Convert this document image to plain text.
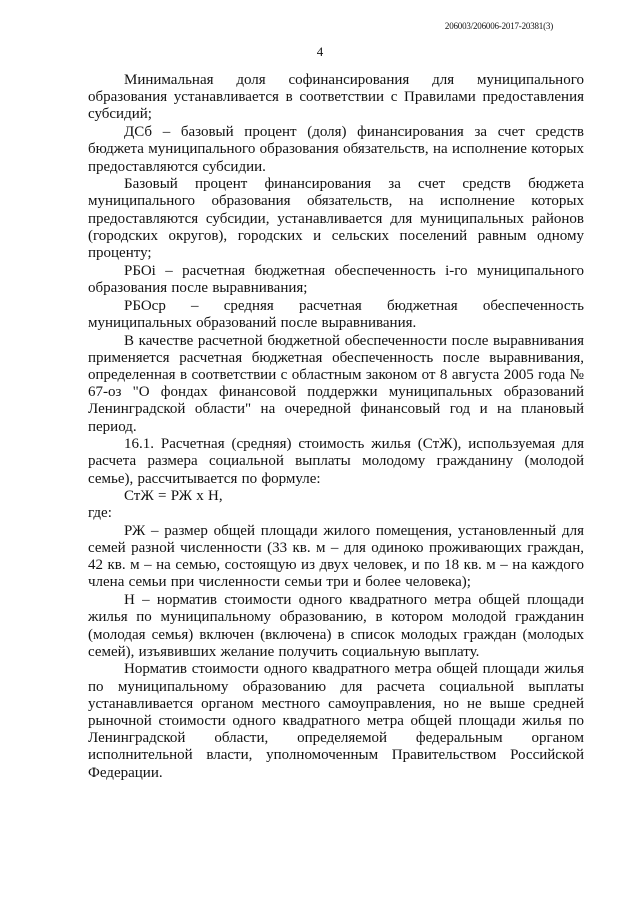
206003/206006-2017-20381(3)
4

Минимальная доля софинансирования для муниципального образования устанавливается в соответствии с Правилами предоставления субсидий;

ДСб – базовый процент (доля) финансирования за счет средств бюджета муниципального образования обязательств, на исполнение которых предоставляются субсидии.

Базовый процент финансирования за счет средств бюджета муниципального образования обязательств, на исполнение которых предоставляются субсидии, устанавливается для муниципальных районов (городских округов), городских и сельских поселений равным одному проценту;

РБОi – расчетная бюджетная обеспеченность i-го муниципального образования после выравнивания;

РБОср – средняя расчетная бюджетная обеспеченность муниципальных образований после выравнивания.

В качестве расчетной бюджетной обеспеченности после выравнивания применяется расчетная бюджетная обеспеченность после выравнивания, определенная в соответствии с областным законом от 8 августа 2005 года № 67-оз "О фондах финансовой поддержки муниципальных образований Ленинградской области" на очередной финансовый год и на плановый период.

16.1. Расчетная (средняя) стоимость жилья (СтЖ), используемая для расчета размера социальной выплаты молодому гражданину (молодой семье), рассчитывается по формуле:

СтЖ = РЖ х Н,

где:

РЖ – размер общей площади жилого помещения, установленный для семей разной численности (33 кв. м – для одиноко проживающих граждан, 42 кв. м – на семью, состоящую из двух человек, и по 18 кв. м – на каждого члена семьи при численности семьи три и более человека);

Н – норматив стоимости одного квадратного метра общей площади жилья по муниципальному образованию, в котором молодой гражданин (молодая семья) включен (включена) в список молодых граждан (молодых семей), изъявивших желание получить социальную выплату.

Норматив стоимости одного квадратного метра общей площади жилья по муниципальному образованию для расчета социальной выплаты устанавливается органом местного самоуправления, но не выше средней рыночной стоимости одного квадратного метра общей площади жилья по Ленинградской области, определяемой федеральным органом исполнительной власти, уполномоченным Правительством Российской Федерации.
